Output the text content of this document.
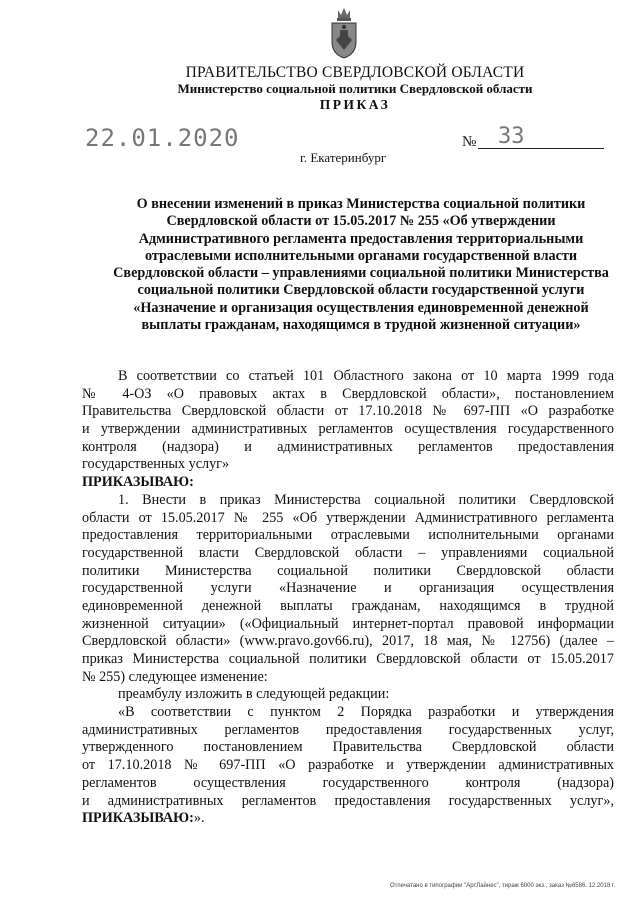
ПРАВИТЕЛЬСТВО СВЕРДЛОВСКОЙ ОБЛАСТИ
Министерство социальной политики Свердловской области
ПРИКАЗ
22.01.2020	№ 33
г. Екатеринбург
О внесении изменений в приказ Министерства социальной политики
Свердловской области от 15.05.2017 № 255 «Об утверждении
Административного регламента предоставления территориальными
отраслевыми исполнительными органами государственной власти
Свердловской области – управлениями социальной политики Министерства
социальной политики Свердловской области государственной услуги
«Назначение и организация осуществления единовременной денежной
выплаты гражданам, находящимся в трудной жизненной ситуации»
В соответствии со статьей 101 Областного закона от 10 марта 1999 года
№ 4-ОЗ «О правовых актах в Свердловской области», постановлением
Правительства Свердловской области от 17.10.2018 № 697-ПП «О разработке
и утверждении административных регламентов осуществления государственного
контроля (надзора) и административных регламентов предоставления
государственных услуг»
ПРИКАЗЫВАЮ:
1. Внести в приказ Министерства социальной политики Свердловской
области от 15.05.2017 № 255 «Об утверждении Административного регламента
предоставления территориальными отраслевыми исполнительными органами
государственной власти Свердловской области – управлениями социальной
политики Министерства социальной политики Свердловской области
государственной услуги «Назначение и организация осуществления
единовременной денежной выплаты гражданам, находящимся в трудной
жизненной ситуации» («Официальный интернет-портал правовой информации
Свердловской области» (www.pravo.gov66.ru), 2017, 18 мая, № 12756) (далее –
приказ Министерства социальной политики Свердловской области от 15.05.2017
№ 255) следующее изменение:
преамбулу изложить в следующей редакции:
«В соответствии с пунктом 2 Порядка разработки и утверждения
административных регламентов предоставления государственных услуг,
утвержденного постановлением Правительства Свердловской области
от 17.10.2018 № 697-ПП «О разработке и утверждении административных
регламентов осуществления государственного контроля (надзора)
и административных регламентов предоставления государственных услуг»,
ПРИКАЗЫВАЮ:».
Отпечатано в типографии "АртЛайнес", тираж 6000 экз., заказ №6586. 12.2018 г.
